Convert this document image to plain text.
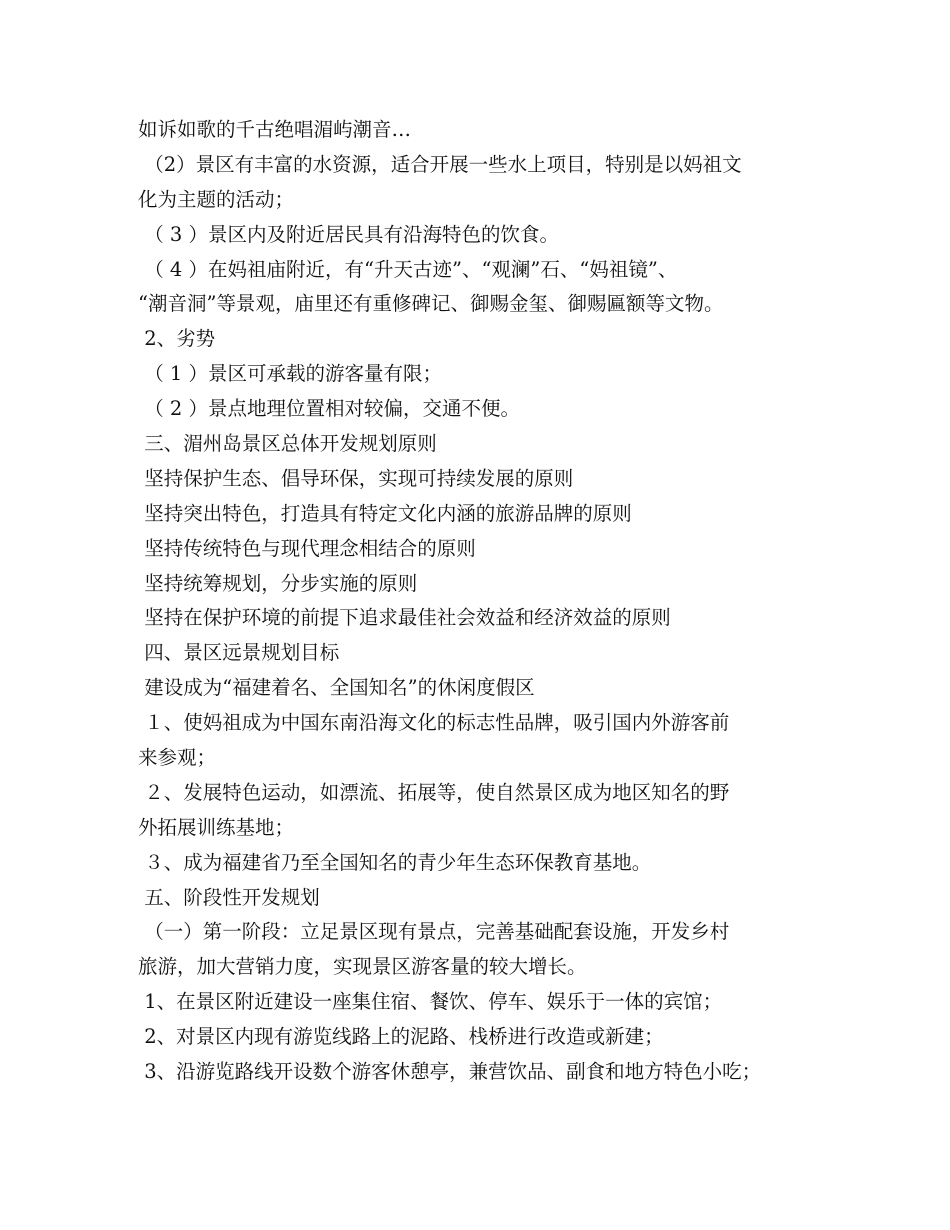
如诉如歌的千古绝唱湄屿潮音…
（2）景区有丰富的水资源，适合开展一些水上项目，特别是以妈祖文
化为主题的活动；
（ 3 ）景区内及附近居民具有沿海特色的饮食。
（ 4 ）在妈祖庙附近，有“升天古迹”、“观澜”石、“妈祖镜”、
“潮音洞”等景观，庙里还有重修碑记、御赐金玺、御赐匾额等文物。
2、劣势
（ 1 ）景区可承载的游客量有限；
（ 2 ）景点地理位置相对较偏，交通不便。
三、湄州岛景区总体开发规划原则
坚持保护生态、倡导环保，实现可持续发展的原则
坚持突出特色，打造具有特定文化内涵的旅游品牌的原则
坚持传统特色与现代理念相结合的原则
坚持统筹规划，分步实施的原则
坚持在保护环境的前提下追求最佳社会效益和经济效益的原则
四、景区远景规划目标
建设成为“福建着名、全国知名”的休闲度假区
１、使妈祖成为中国东南沿海文化的标志性品牌，吸引国内外游客前
来参观；
２、发展特色运动，如漂流、拓展等，使自然景区成为地区知名的野
外拓展训练基地；
３、成为福建省乃至全国知名的青少年生态环保教育基地。
五、阶段性开发规划
（一）第一阶段：立足景区现有景点，完善基础配套设施，开发乡村
旅游，加大营销力度，实现景区游客量的较大增长。
1、在景区附近建设一座集住宿、餐饮、停车、娱乐于一体的宾馆；
2、对景区内现有游览线路上的泥路、栈桥进行改造或新建；
3、沿游览路线开设数个游客休憩亭，兼营饮品、副食和地方特色小吃；
